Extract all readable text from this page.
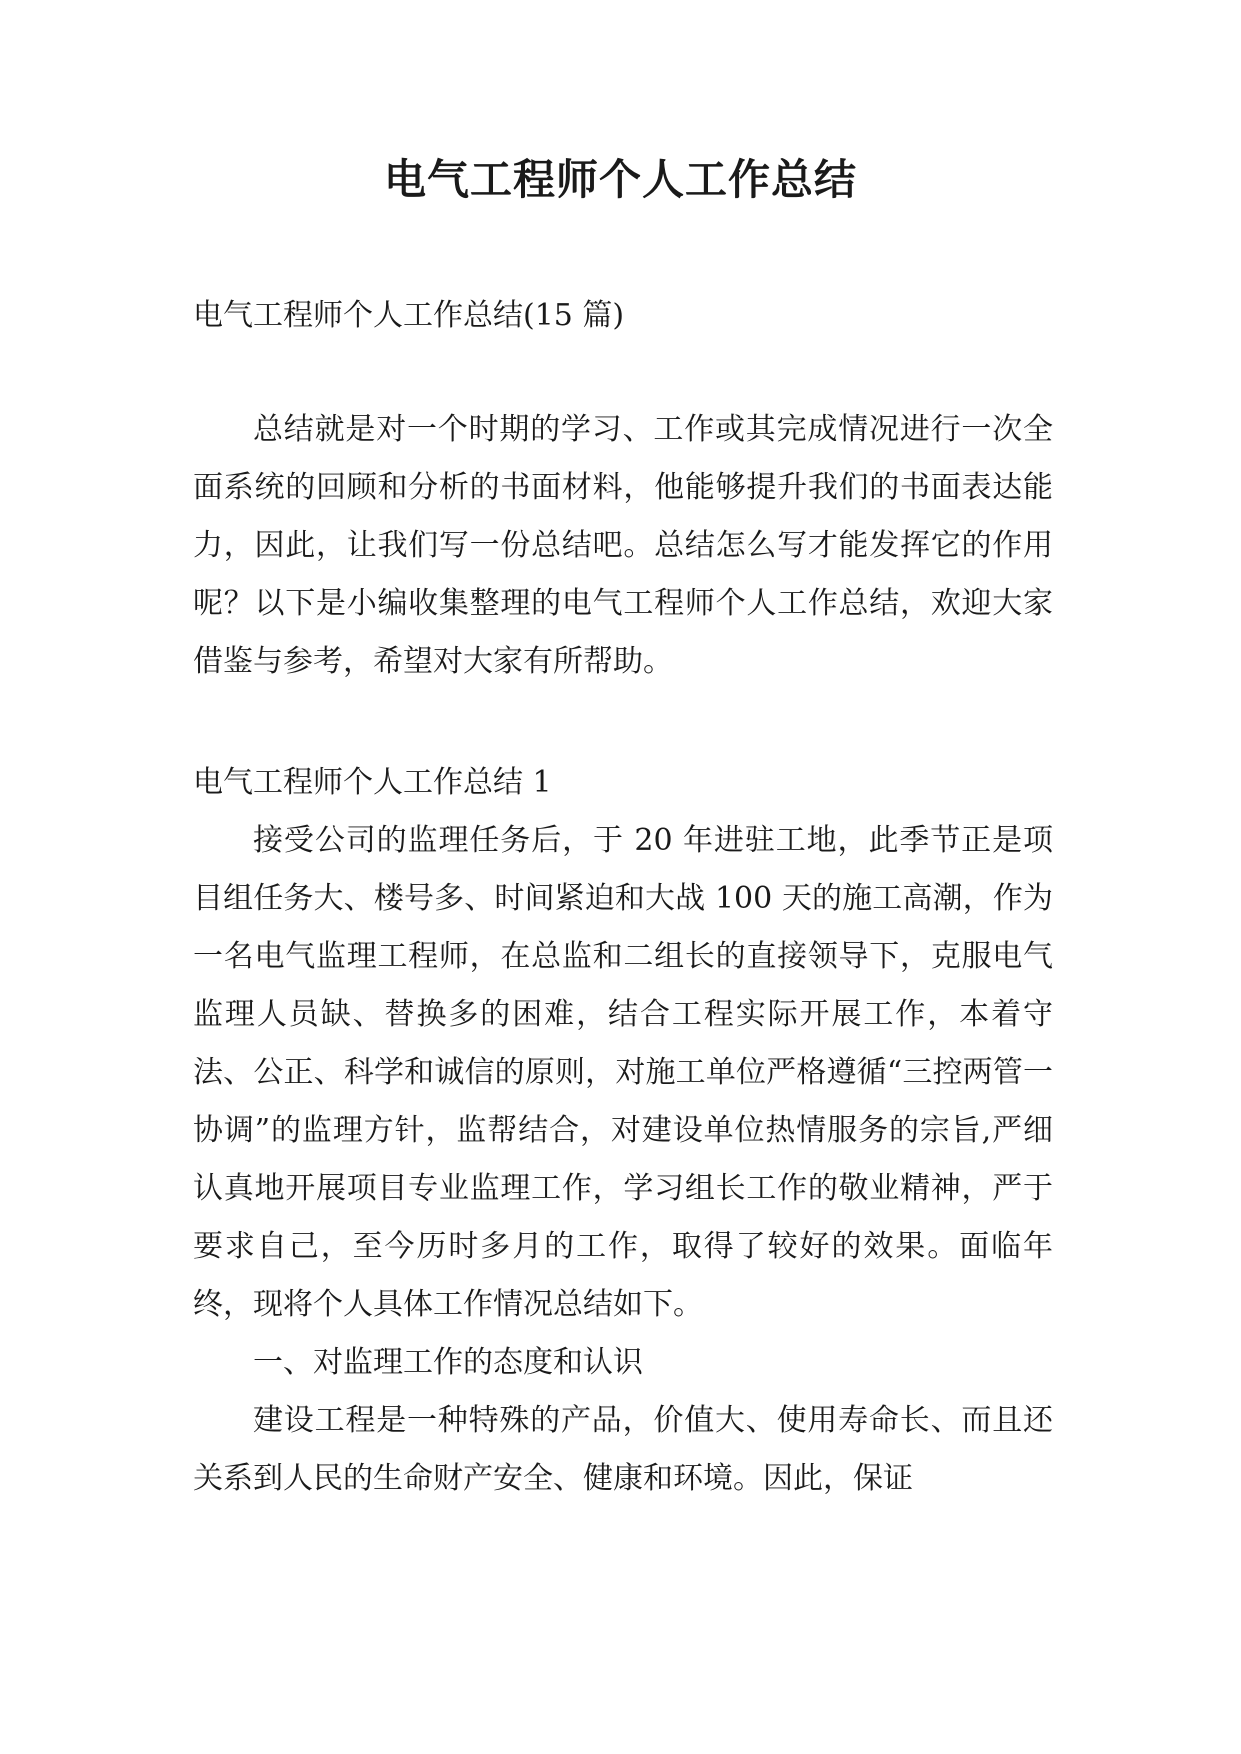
电气工程师个人工作总结
电气工程师个人工作总结(15 篇)

总结就是对一个时期的学习、工作或其完成情况进行一次全面系统的回顾和分析的书面材料，他能够提升我们的书面表达能力，因此，让我们写一份总结吧。总结怎么写才能发挥它的作用呢？以下是小编收集整理的电气工程师个人工作总结，欢迎大家借鉴与参考，希望对大家有所帮助。

电气工程师个人工作总结 1

接受公司的监理任务后，于 20 年进驻工地，此季节正是项目组任务大、楼号多、时间紧迫和大战 100 天的施工高潮，作为一名电气监理工程师，在总监和二组长的直接领导下，克服电气监理人员缺、替换多的困难，结合工程实际开展工作，本着守法、公正、科学和诚信的原则，对施工单位严格遵循“三控两管一协调”的监理方针，监帮结合，对建设单位热情服务的宗旨,严细认真地开展项目专业监理工作，学习组长工作的敬业精神，严于要求自己，至今历时多月的工作，取得了较好的效果。面临年终，现将个人具体工作情况总结如下。

一、对监理工作的态度和认识

建设工程是一种特殊的产品，价值大、使用寿命长、而且还关系到人民的生命财产安全、健康和环境。因此，保证
